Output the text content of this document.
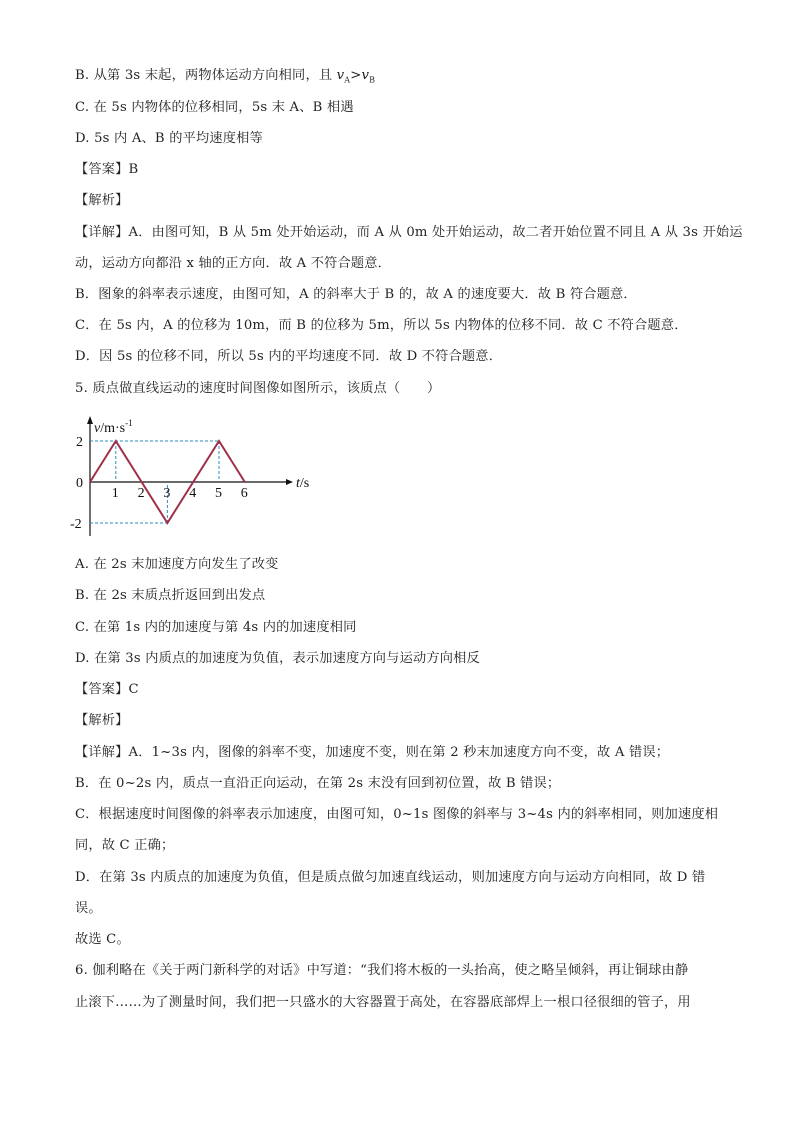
B. 从第 3s 末起，两物体运动方向相同，且 $v_A>v_B$
C. 在 5s 内物体的位移相同，5s 末 A、B 相遇
D. 5s 内 A、B 的平均速度相等
【答案】B
【解析】
【详解】A．由图可知，B 从 5m 处开始运动，而 A 从 0m 处开始运动，故二者开始位置不同且 A 从 3s 开始运
动，运动方向都沿 x 轴的正方向．故 A 不符合题意．
B．图象的斜率表示速度，由图可知，A 的斜率大于 B 的，故 A 的速度要大．故 B 符合题意．
C．在 5s 内，A 的位移为 10m，而 B 的位移为 5m，所以 5s 内物体的位移不同．故 C 不符合题意．
D．因 5s 的位移不同，所以 5s 内的平均速度不同．故 D 不符合题意．
5. 质点做直线运动的速度时间图像如图所示，该质点（　　）
$v/m\cdot s^{-1}$
t/s
2
0
-2
1 2 3 4 5 6
A. 在 2s 末加速度方向发生了改变
B. 在 2s 末质点折返回到出发点
C. 在第 1s 内的加速度与第 4s 内的加速度相同
D. 在第 3s 内质点的加速度为负值，表示加速度方向与运动方向相反
【答案】C
【解析】
【详解】A．1~3s 内，图像的斜率不变，加速度不变，则在第 2 秒末加速度方向不变，故 A 错误；
B．在 0~2s 内，质点一直沿正向运动，在第 2s 末没有回到初位置，故 B 错误；
C．根据速度时间图像的斜率表示加速度，由图可知，0~1s 图像的斜率与 3~4s 内的斜率相同，则加速度相
同，故 C 正确；
D．在第 3s 内质点的加速度为负值，但是质点做匀加速直线运动，则加速度方向与运动方向相同，故 D 错
误。
故选 C。
6. 伽利略在《关于两门新科学的对话》中写道：“我们将木板的一头抬高，使之略呈倾斜，再让铜球由静
止滚下……为了测量时间，我们把一只盛水的大容器置于高处，在容器底部焊上一根口径很细的管子，用
